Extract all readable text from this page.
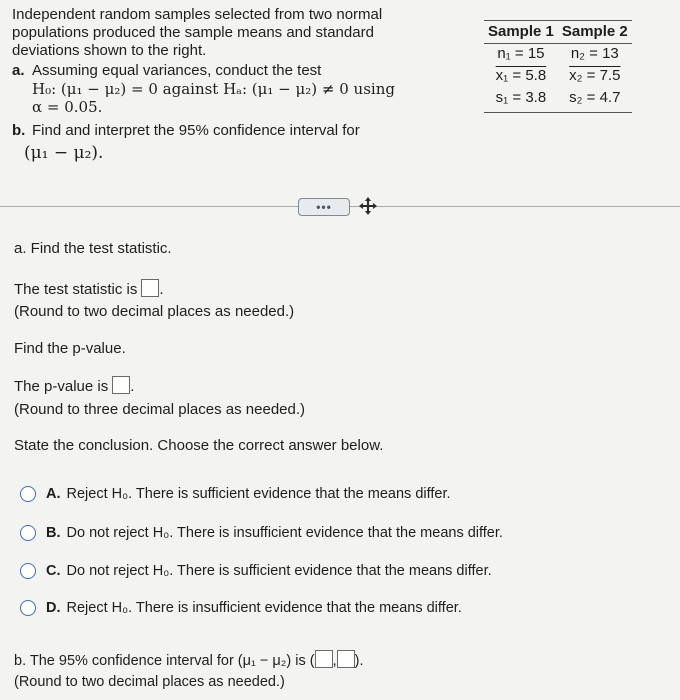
Independent random samples selected from two normal populations produced the sample means and standard deviations shown to the right.

a. Assuming equal variances, conduct the test
H₀: (μ₁ − μ₂) = 0 against Hₐ: (μ₁ − μ₂) ≠ 0 using
α = 0.05.
b. Find and interpret the 95% confidence interval for
(μ₁ − μ₂).
Sample 1	Sample 2
n₁ = 15	n₂ = 13
x₁ = 5.8	x₂ = 7.5
s₁ = 3.8	s₂ = 4.7
•••
a. Find the test statistic.
The test statistic is .
(Round to two decimal places as needed.)
Find the p-value.
The p-value is .
(Round to three decimal places as needed.)
State the conclusion. Choose the correct answer below.
A. Reject H₀. There is sufficient evidence that the means differ.
B. Do not reject H₀. There is insufficient evidence that the means differ.
C. Do not reject H₀. There is sufficient evidence that the means differ.
D. Reject H₀. There is insufficient evidence that the means differ.
b. The 95% confidence interval for (μ₁ − μ₂) is ( , ).
(Round to two decimal places as needed.)
